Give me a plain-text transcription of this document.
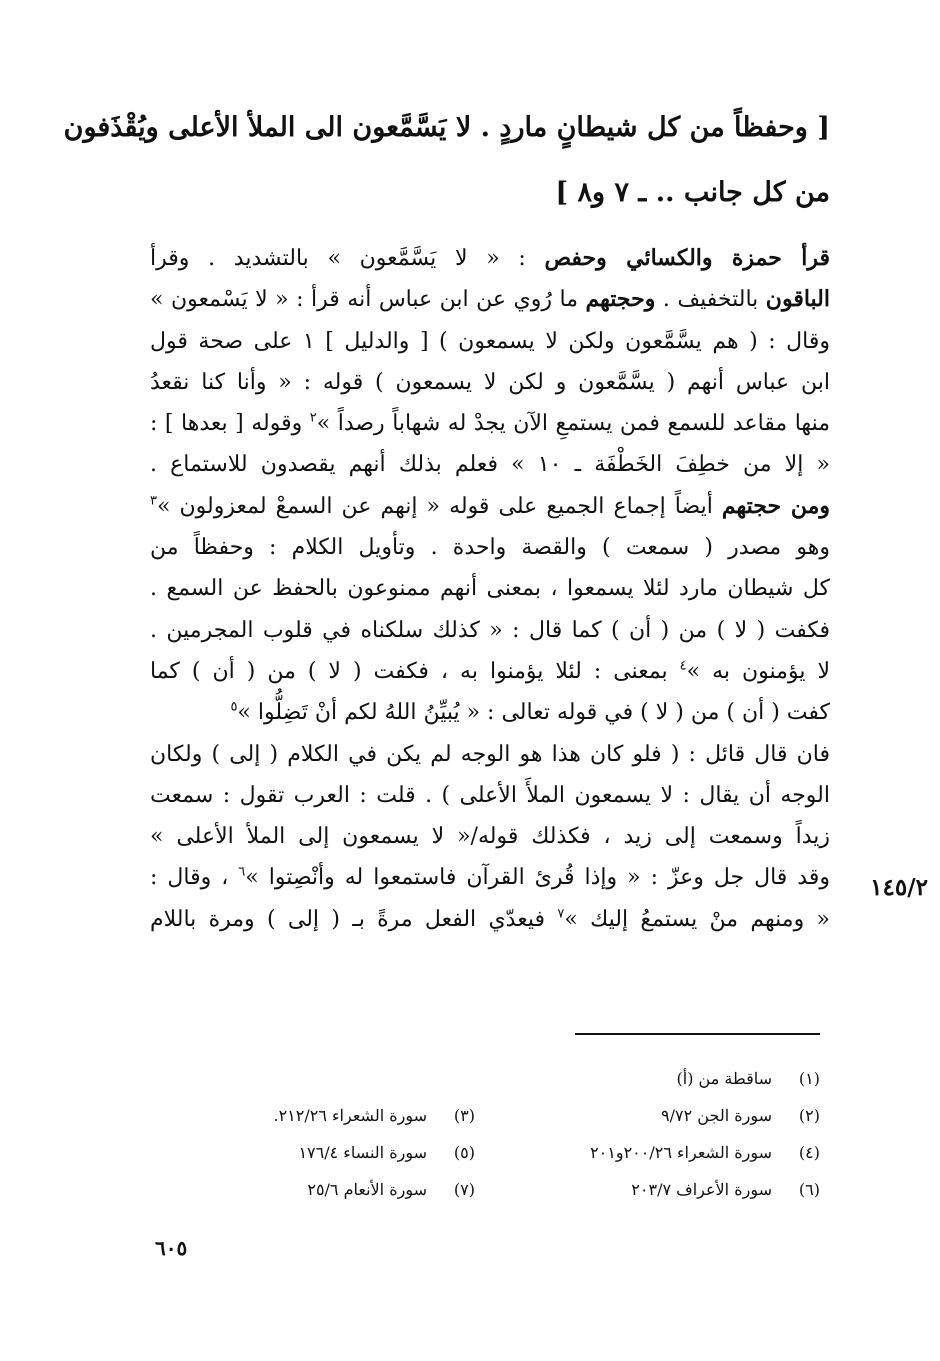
[ وحفظاً من كل شيطانٍ ماردٍ . لا يَسَّمَّعون الى الملأ الأعلى ويُقْذَفون
من كل جانب .. ـ ٧ و٨ ]
قرأ حمزة والكسائي وحفص : « لا يَسَّمَّعون » بالتشديد . وقرأ
الباقون بالتخفيف . وحجتهم ما رُوي عن ابن عباس أنه قرأ : « لا يَسْمعون »
وقال : ( هم يسَّمَّعون ولكن لا يسمعون ) [ والدليل ] ١ على صحة قول
ابن عباس أنهم ( يسَّمَّعون و لكن لا يسمعون ) قوله : « وأنا كنا نقعدُ
منها مقاعد للسمع فمن يستمعِ الآن يجدْ له شهاباً رصداً »$^٢$ وقوله [ بعدها ] :
« إلا من خطِفَ الخَطْفَة ـ ١٠ » فعلم بذلك أنهم يقصدون للاستماع .
ومن حجتهم أيضاً إجماع الجميع على قوله « إنهم عن السمعْ لمعزولون »$^٣$
وهو مصدر ( سمعت ) والقصة واحدة . وتأويل الكلام : وحفظاً من
كل شيطان مارد لئلا يسمعوا ، بمعنى أنهم ممنوعون بالحفظ عن السمع .
فكفت ( لا ) من ( أن ) كما قال : « كذلك سلكناه في قلوب المجرمين .
لا يؤمنون به »$^٤$ بمعنى : لئلا يؤمنوا به ، فكفت ( لا ) من ( أن ) كما
كفت ( أن ) من ( لا ) في قوله تعالى : « يُبيِّنُ اللهُ لكم أنْ تَضِلُّوا »$^٥$
فان قال قائل : ( فلو كان هذا هو الوجه لم يكن في الكلام ( إلى ) ولكان
الوجه أن يقال : لا يسمعون الملأَ الأعلى ) . قلت : العرب تقول : سمعت
زيداً وسمعت إلى زيد ، فكذلك قوله/« لا يسمعون إلى الملأ الأعلى »
وقد قال جل وعزّ : « وإذا قُرئ القرآن فاستمعوا له وأنْصِتوا »$^٦$ ، وقال :
« ومنهم منْ يستمعُ إليك »$^٧$ فيعدّي الفعل مرةً بـ ( إلى ) ومرة باللام
١٤٥/٢
(١)
ساقطة من (أ)
(٢)
سورة الجن ٩/٧٢
(٣)
سورة الشعراء ٢١٢/٢٦.
(٤)
سورة الشعراء ٢٠٠/٢٦و٢٠١
(٥)
سورة النساء ١٧٦/٤
(٦)
سورة الأعراف ٢٠٣/٧
(٧)
سورة الأنعام ٢٥/٦
٦٠٥
